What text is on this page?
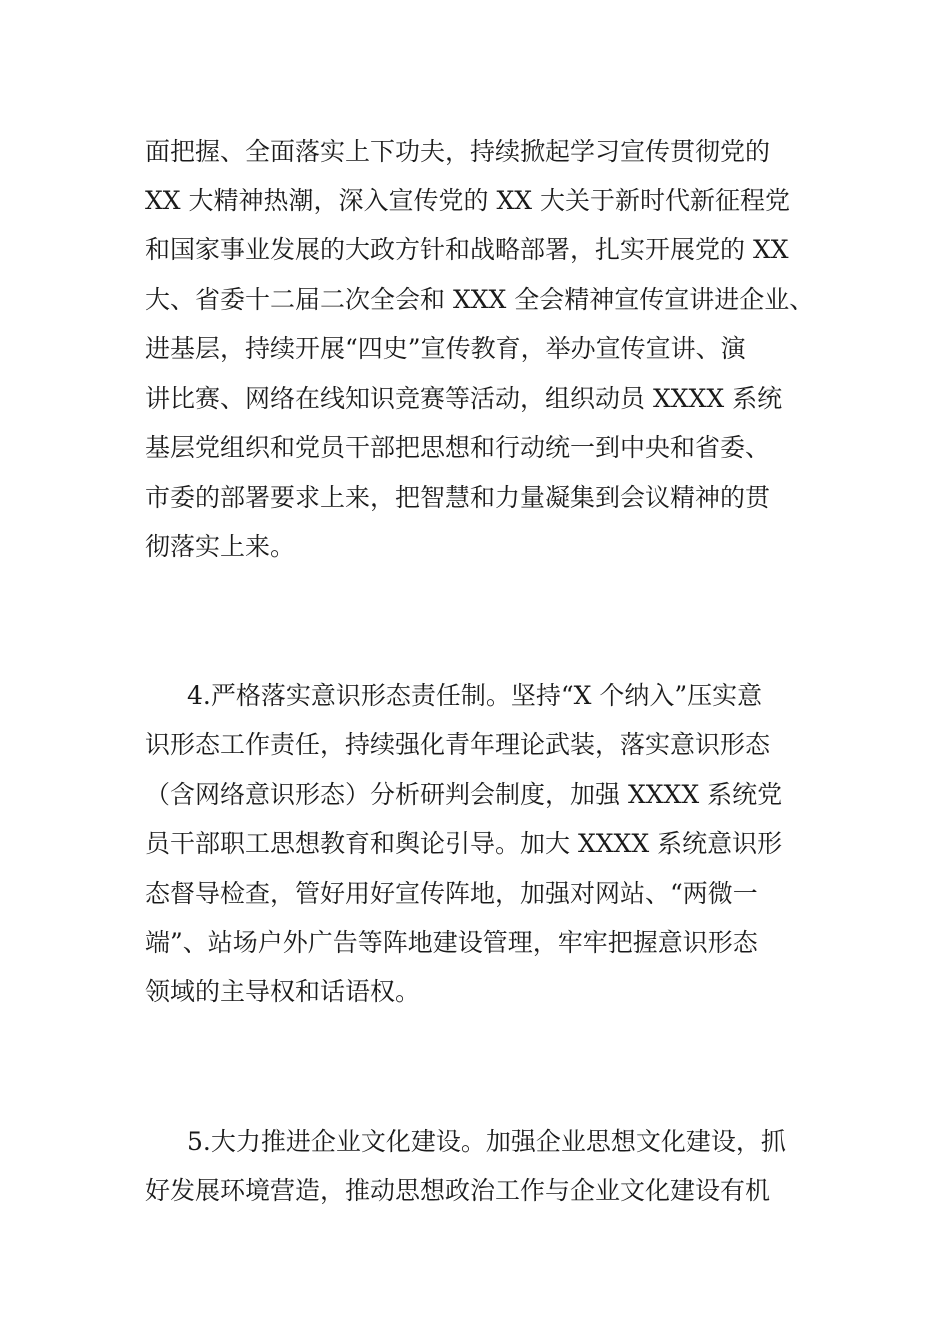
面把握、全面落实上下功夫，持续掀起学习宣传贯彻党的
XX 大精神热潮，深入宣传党的 XX 大关于新时代新征程党
和国家事业发展的大政方针和战略部署，扎实开展党的 XX
大、省委十二届二次全会和 XXX 全会精神宣传宣讲进企业、
进基层，持续开展“四史”宣传教育，举办宣传宣讲、演
讲比赛、网络在线知识竞赛等活动，组织动员 XXXX 系统
基层党组织和党员干部把思想和行动统一到中央和省委、
市委的部署要求上来，把智慧和力量凝集到会议精神的贯
彻落实上来。
4.严格落实意识形态责任制。坚持“X 个纳入”压实意
识形态工作责任，持续强化青年理论武装，落实意识形态
（含网络意识形态）分析研判会制度，加强 XXXX 系统党
员干部职工思想教育和舆论引导。加大 XXXX 系统意识形
态督导检查，管好用好宣传阵地，加强对网站、“两微一
端”、站场户外广告等阵地建设管理，牢牢把握意识形态
领域的主导权和话语权。
5.大力推进企业文化建设。加强企业思想文化建设，抓
好发展环境营造，推动思想政治工作与企业文化建设有机
